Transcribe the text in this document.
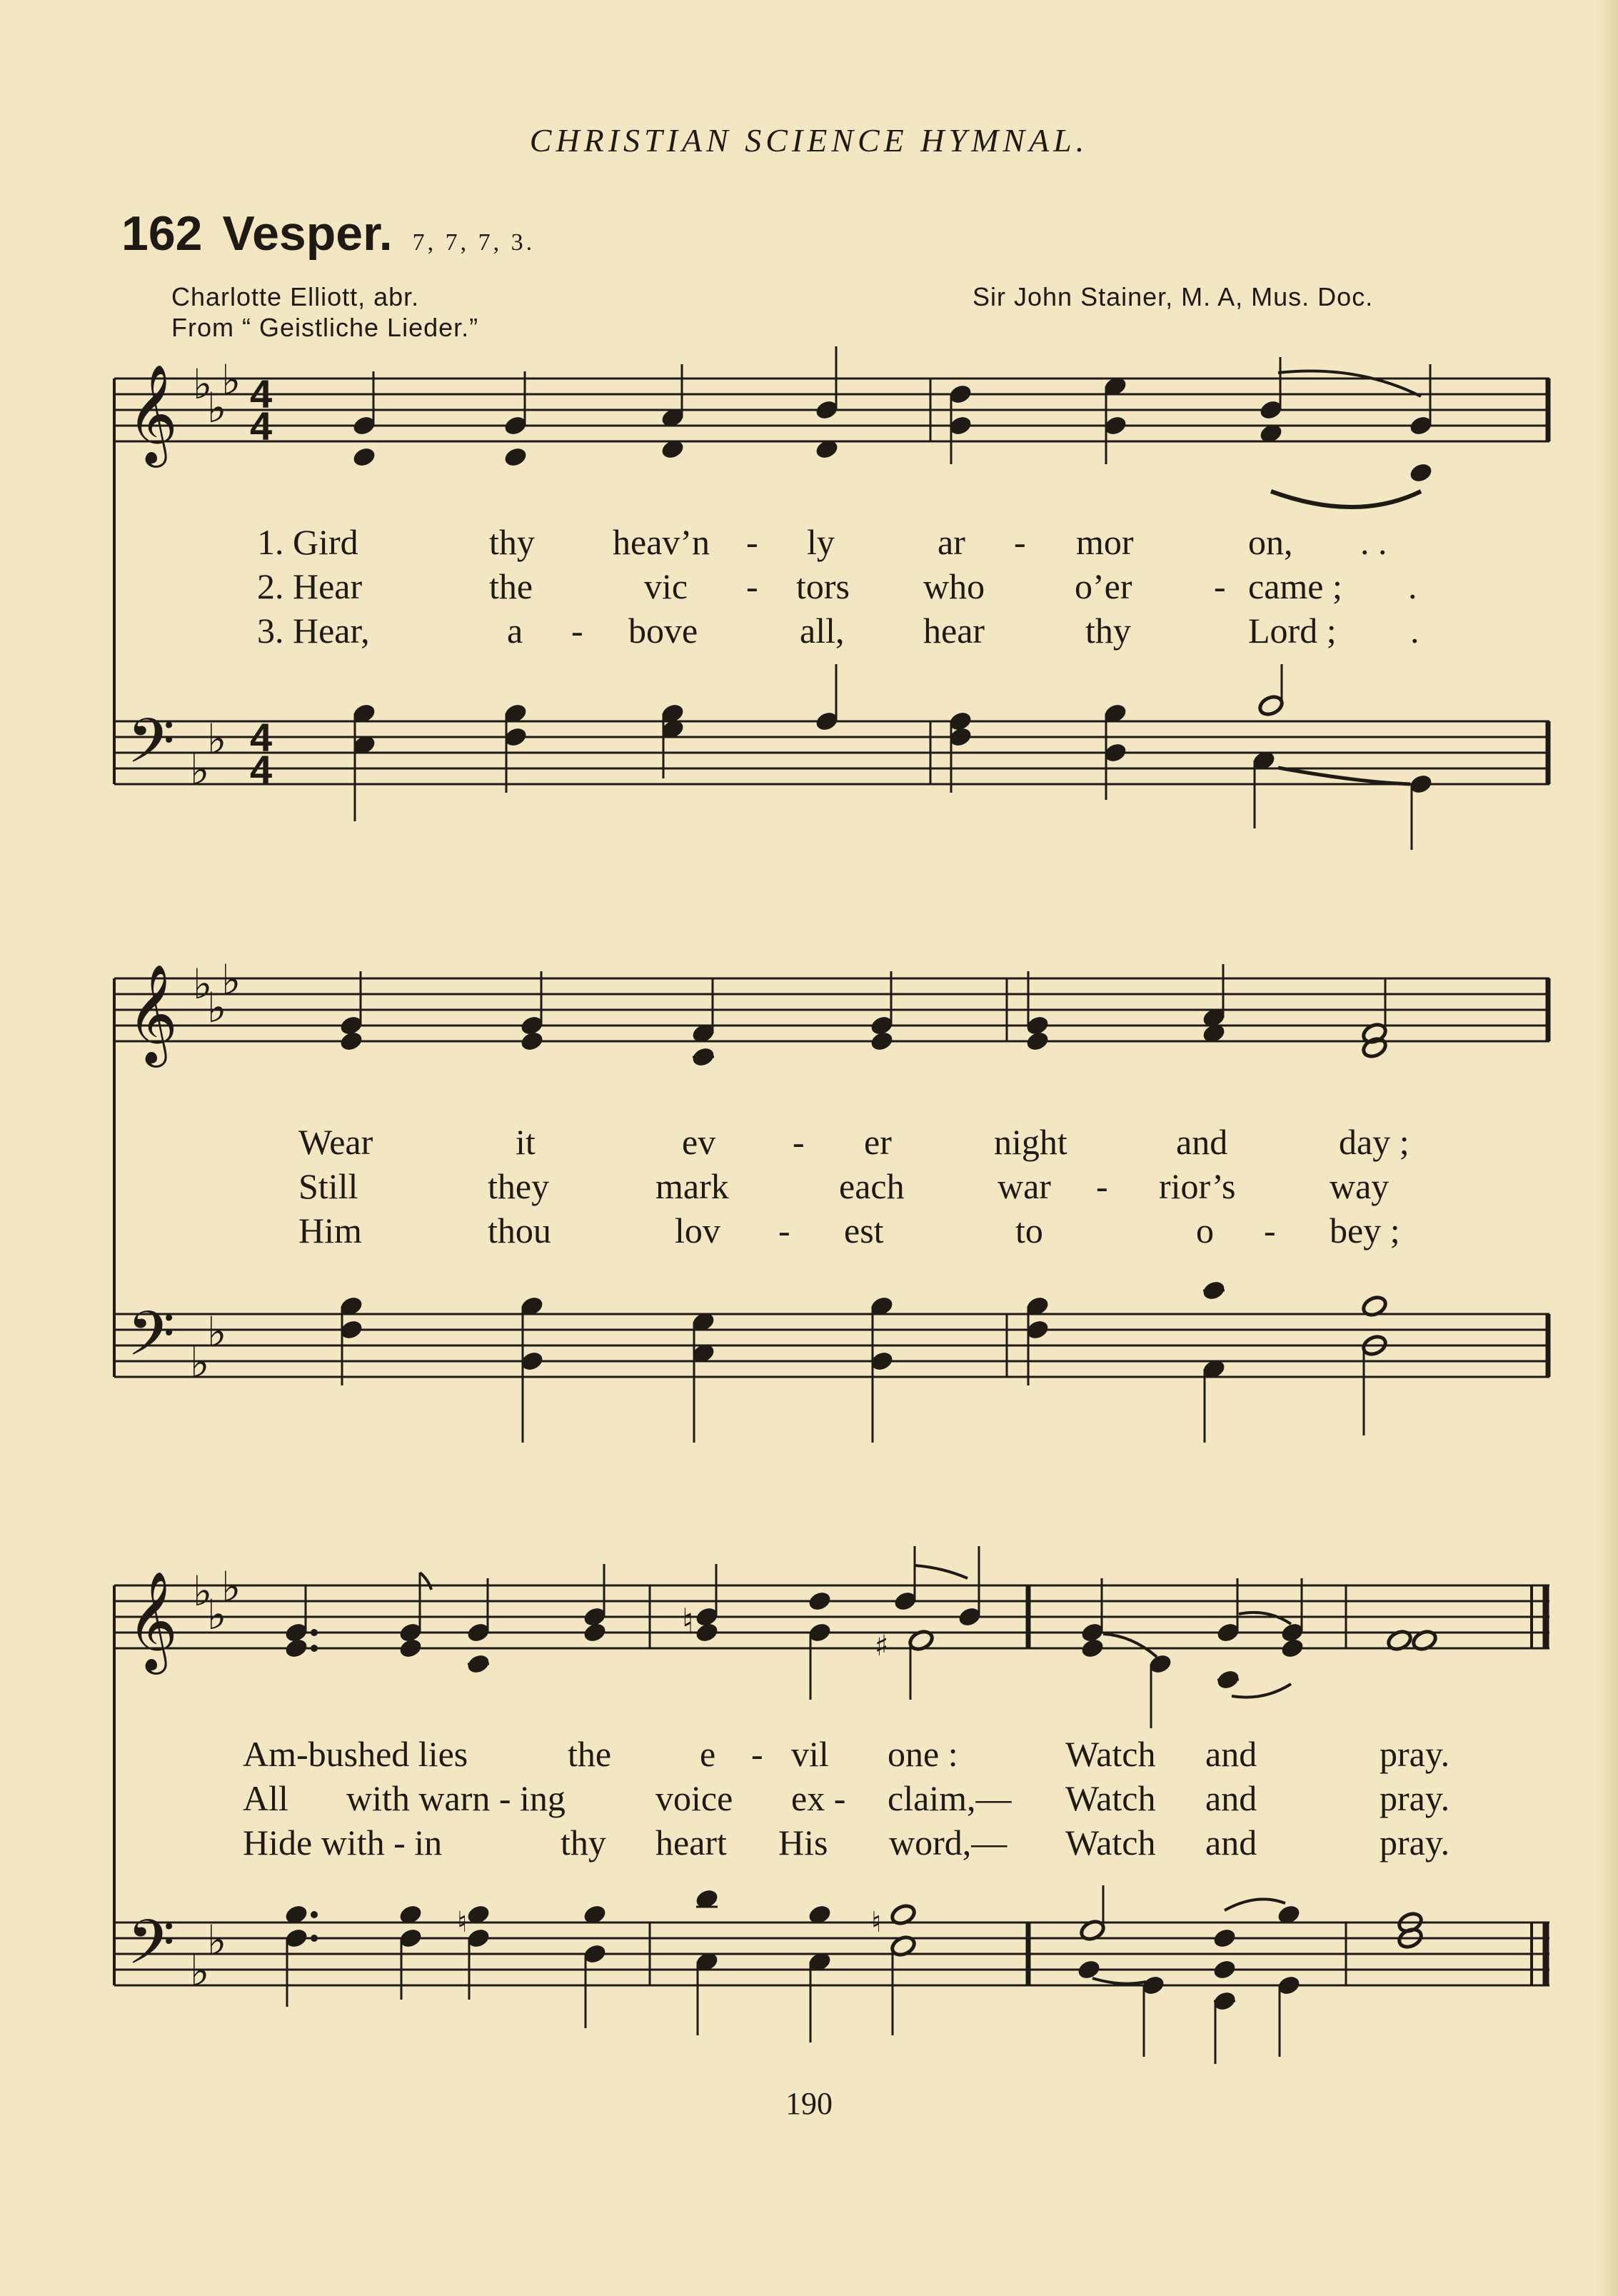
CHRISTIAN SCIENCE HYMNAL.
162 Vesper. 7, 7, 7, 3.
Charlotte Elliott, abr.
From “ Geistliche Lieder.”
Sir John Stainer, M. A, Mus. Doc.
𝄞 ♭
♭
♭ 4
4
𝄢 ♭
♭
4
4
1. Gird	thy heav’n - ly	ar - mor	on, . .
2. Hear	the	vic - tors who	o’er - came ; .
3. Hear,	a - bove	all, hear	thy	Lord ; .
𝄞 ♭
♭
♭
𝄢 ♭
♭
Wear	it	ev - er	night	and	day ;
Still	they	mark	each	war - rior’s	way
Him	thou	lov - est	to	o - bey ;
𝄞 ♭
♭
♭
𝄢 ♭
♭
♮
♯
♮	♮
Am-bushed lies	the e - vil one :	Watch and	pray.
All with warn - ing	voice ex - claim,— Watch and	pray.
Hide with - in	thy heart His word,— Watch and	pray.
190
